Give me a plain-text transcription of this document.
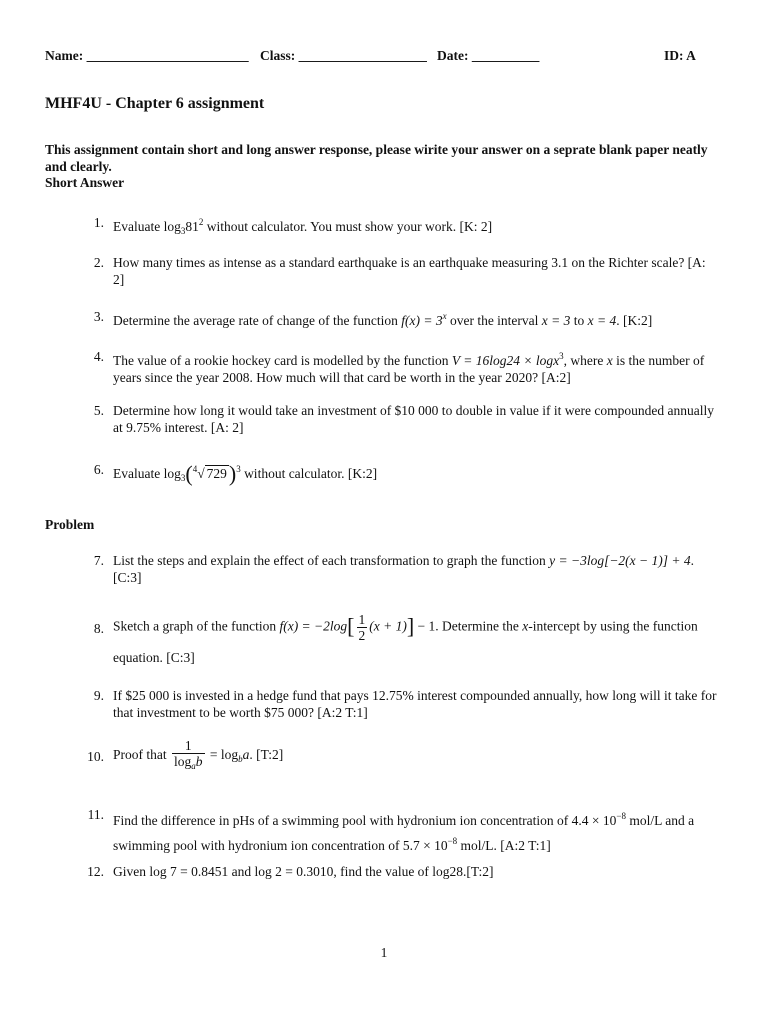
Name: ________________________ Class: ___________________ Date: __________	ID: A
MHF4U - Chapter 6 assignment
This assignment contain short and long answer response, please wirite your answer on a seprate blank paper neatly and clearly.
Short Answer
1. Evaluate $\log_381^2$ without calculator. You must show your work. [K: 2]
2. How many times as intense as a standard earthquake is an earthquake measuring 3.1 on the Richter scale? [A: 2]
3. Determine the average rate of change of the function $f(x) = 3^x$ over the interval x = 3 to x = 4. [K:2]
4. The value of a rookie hockey card is modelled by the function V = 16log24 × logx$^3$, where x is the number of years since the year 2008. How much will that card be worth in the year 2020? [A:2]
5. Determine how long it would take an investment of $10 000 to double in value if it were compounded annually at 9.75% interest. [A: 2]
6. Evaluate $\log_3(^4√$ 729)$^3$ without calculator. [K:2]
Problem
7. List the steps and explain the effect of each transformation to graph the function y = −3log[−2(x − 1)] + 4. [C:3]
8. Sketch a graph of the function $f(x) = -2\log[ \frac{1}{2} (x + 1)] - 1$. Determine the x-intercept by using the function
equation. [C:3]
9. If $25 000 is invested in a hedge fund that pays 12.75% interest compounded annually, how long will it take for that investment to be worth $75 000? [A:2 T:1]
10. Proof that $\frac{1}{\log_ab} = \log_ba$. [T:2]
11. Find the difference in pHs of a swimming pool with hydronium ion concentration of $4.4 \times 10^{-8}$ mol/L and a swimming pool with hydronium ion concentration of $5.7 \times 10^{-8}$ mol/L. [A:2 T:1]
12. Given log 7 = 0.8451 and log 2 = 0.3010, find the value of log28.[T:2]
1
